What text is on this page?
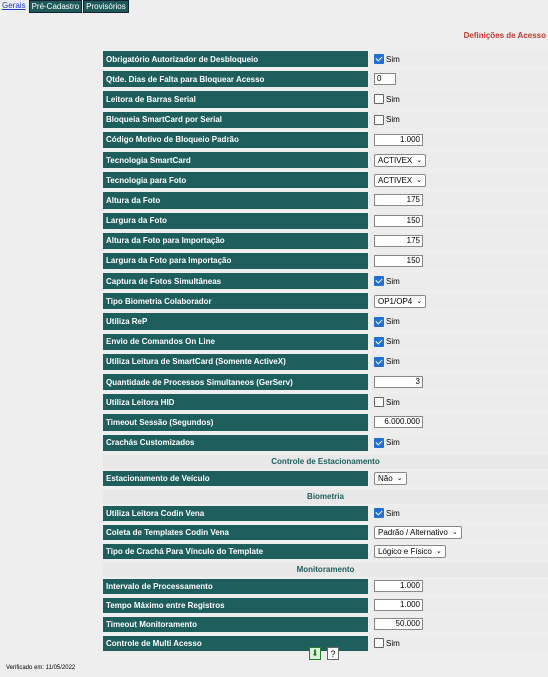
Gerais Pré-Cadastro Provisórios
Definições de Acesso
Obrigatório Autorizador de Desbloqueio	Sim
Qtde. Dias de Falta para Bloquear Acesso	0
Leitora de Barras Serial	Sim
Bloqueia SmartCard por Serial	Sim
Código Motivo de Bloqueio Padrão	1.000
Tecnologia SmartCard	ACTIVEX ⌄
Tecnologia para Foto	ACTIVEX ⌄
Altura da Foto	175
Largura da Foto	150
Altura da Foto para Importação	175
Largura da Foto para Importação	150
Captura de Fotos Simultâneas	Sim
Tipo Biometria Colaborador	OP1/OP4 ⌄
Utiliza ReP	Sim
Envio de Comandos On Line	Sim
Utiliza Leitura de SmartCard (Somente ActiveX)	Sim
Quantidade de Processos Simultaneos (GerServ)	3
Utiliza Leitora HID	Sim
Timeout Sessão (Segundos)	6.000.000
Crachás Customizados	Sim
Controle de Estacionamento
Estacionamento de Veículo	Não ⌄
Biometria
Utiliza Leitora Codin Vena	Sim
Coleta de Templates Codin Vena	Padrão / Alternativo ⌄
Tipo de Crachá Para Vínculo do Template	Lógico e Físico ⌄
Monitoramento
Intervalo de Processamento	1.000
Tempo Máximo entre Registros	1.000
Timeout Monitoramento	50.000
Controle de Multi Acesso	Sim
⬇	?
Verificado em: 11/05/2022
